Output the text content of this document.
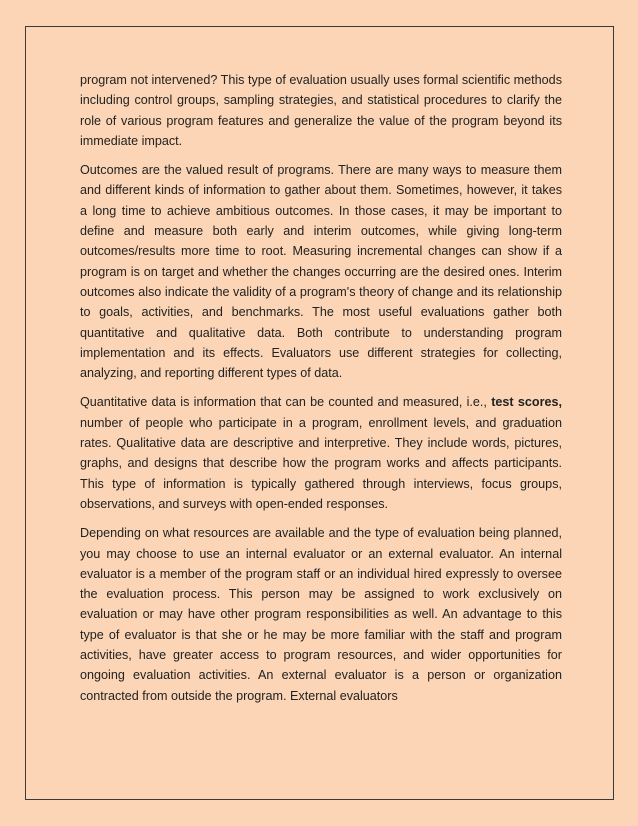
program not intervened? This type of evaluation usually uses formal scientific methods including control groups, sampling strategies, and statistical procedures to clarify the role of various program features and generalize the value of the program beyond its immediate impact.

Outcomes are the valued result of programs. There are many ways to measure them and different kinds of information to gather about them. Sometimes, however, it takes a long time to achieve ambitious outcomes. In those cases, it may be important to define and measure both early and interim outcomes, while giving long-term outcomes/results more time to root. Measuring incremental changes can show if a program is on target and whether the changes occurring are the desired ones. Interim outcomes also indicate the validity of a program's theory of change and its relationship to goals, activities, and benchmarks. The most useful evaluations gather both quantitative and qualitative data. Both contribute to understanding program implementation and its effects. Evaluators use different strategies for collecting, analyzing, and reporting different types of data.

Quantitative data is information that can be counted and measured, i.e., test scores, number of people who participate in a program, enrollment levels, and graduation rates. Qualitative data are descriptive and interpretive. They include words, pictures, graphs, and designs that describe how the program works and affects participants. This type of information is typically gathered through interviews, focus groups, observations, and surveys with open-ended responses.

Depending on what resources are available and the type of evaluation being planned, you may choose to use an internal evaluator or an external evaluator. An internal evaluator is a member of the program staff or an individual hired expressly to oversee the evaluation process. This person may be assigned to work exclusively on evaluation or may have other program responsibilities as well. An advantage to this type of evaluator is that she or he may be more familiar with the staff and program activities, have greater access to program resources, and wider opportunities for ongoing evaluation activities. An external evaluator is a person or organization contracted from outside the program. External evaluators
